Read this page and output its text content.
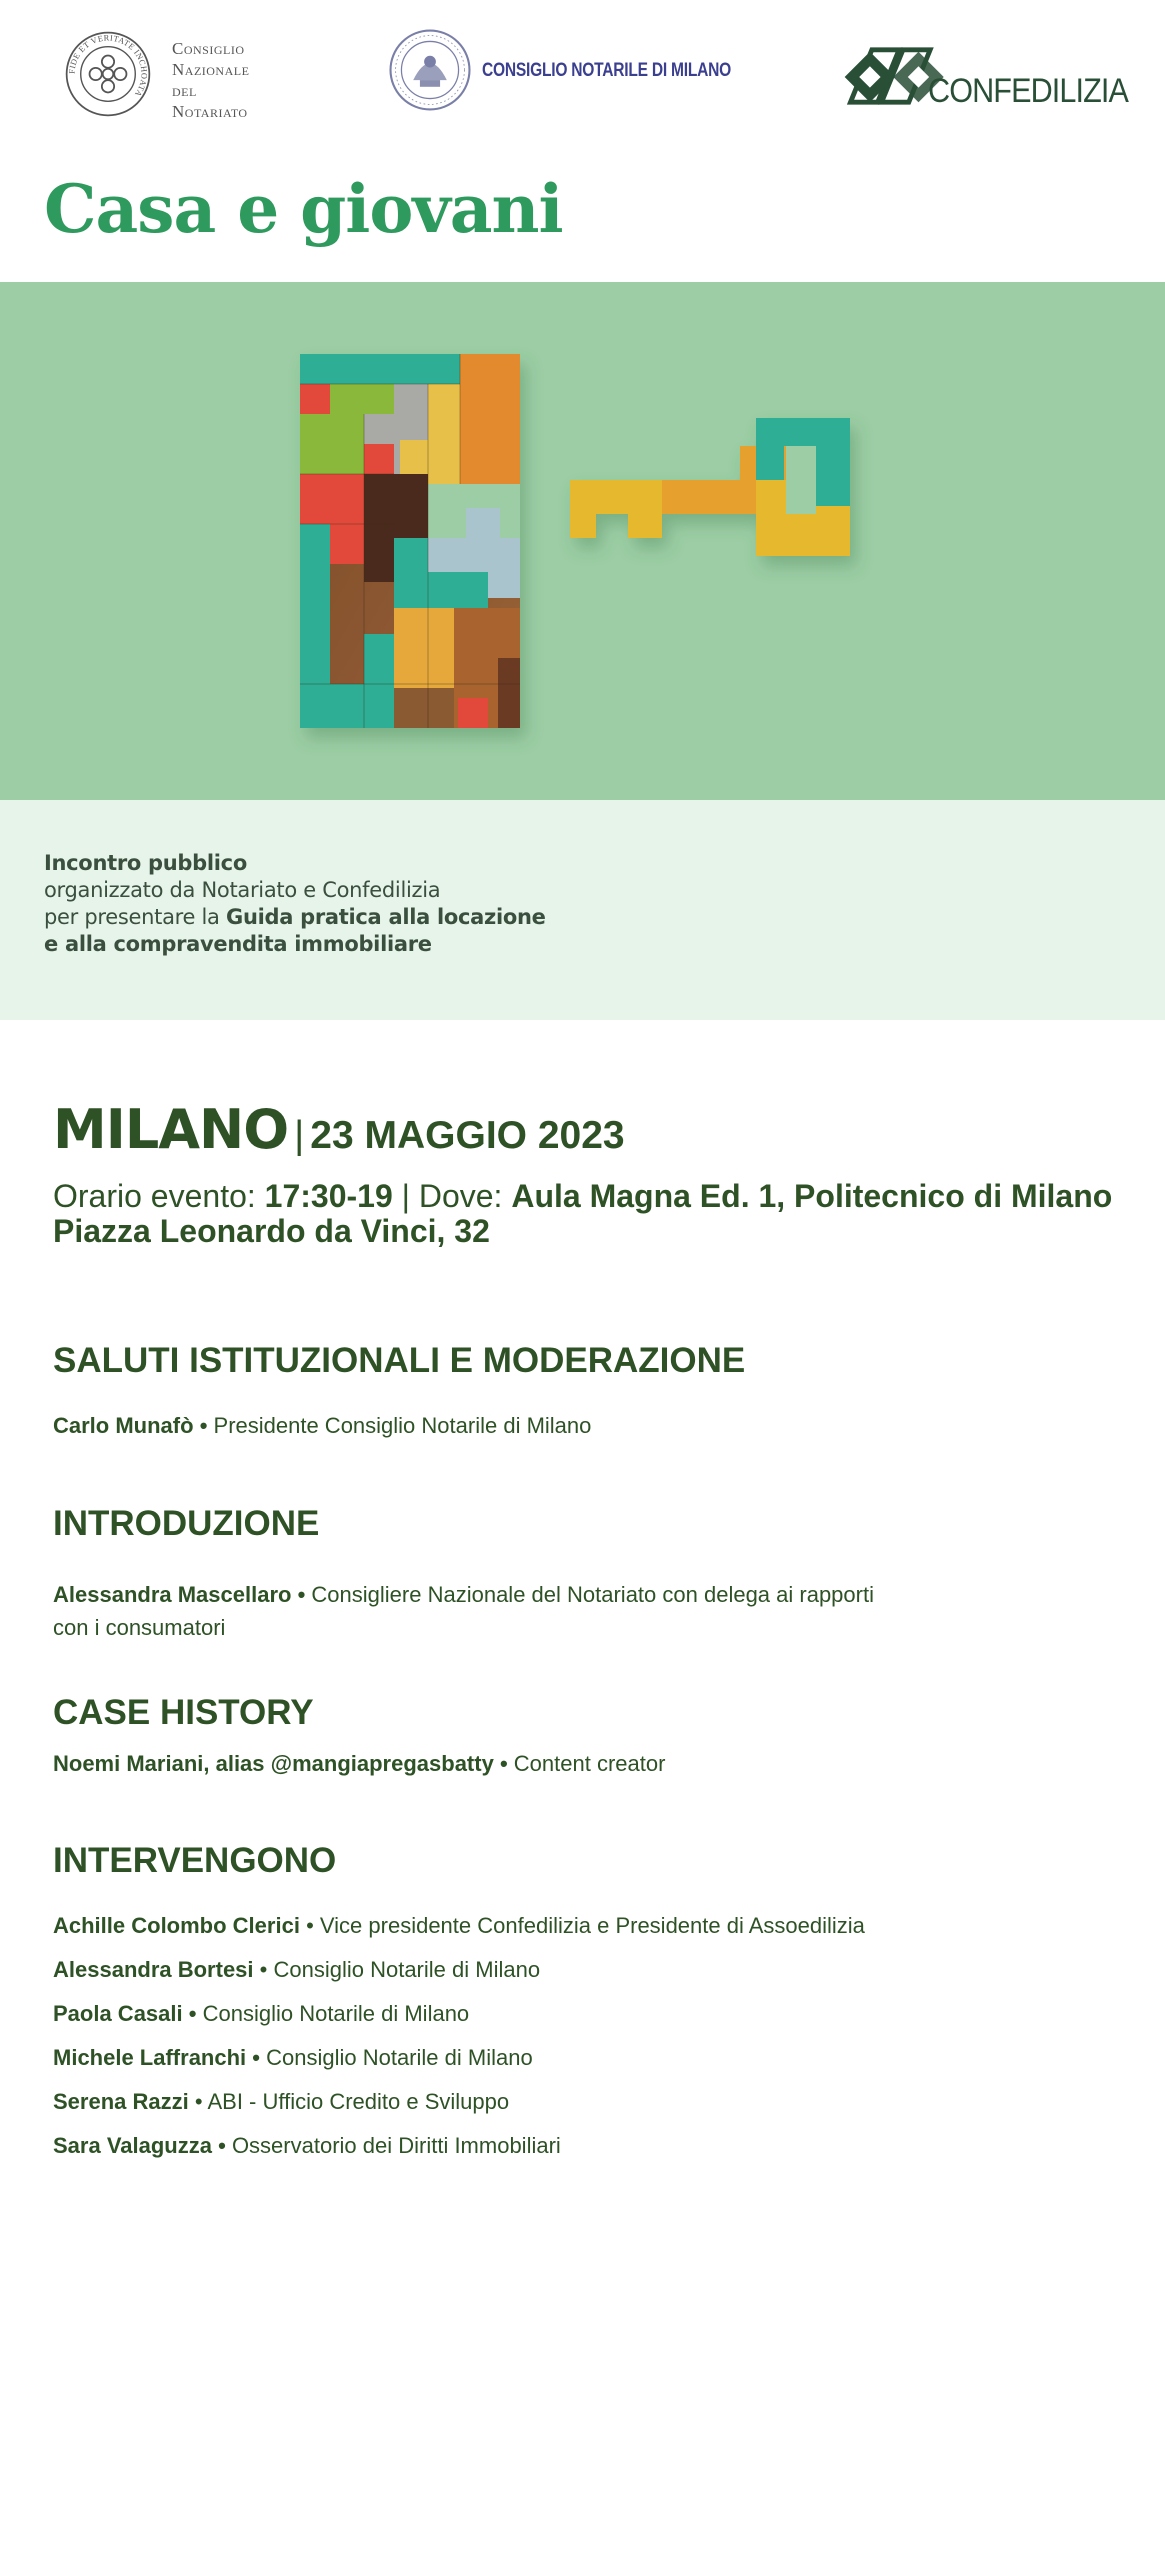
FIDE ET VERITATE INCHOATA
Consiglio
Nazionale
del
Notariato
CONSIGLIO NOTARILE DI MILANO
CONFEDILIZIA
Casa e giovani
Incontro pubblico
organizzato da Notariato e Confedilizia
per presentare la Guida pratica alla locazione
e alla compravendita immobiliare
MILANO | 23 MAGGIO 2023
Orario evento: 17:30-19 | Dove: Aula Magna Ed. 1, Politecnico di Milano
Piazza Leonardo da Vinci, 32
SALUTI ISTITUZIONALI E MODERAZIONE
Carlo Munafò • Presidente Consiglio Notarile di Milano
INTRODUZIONE
Alessandra Mascellaro • Consigliere Nazionale del Notariato con delega ai rapporti
con i consumatori
CASE HISTORY
Noemi Mariani, alias @mangiapregasbatty • Content creator
INTERVENGONO
Achille Colombo Clerici • Vice presidente Confedilizia e Presidente di Assoedilizia
Alessandra Bortesi • Consiglio Notarile di Milano
Paola Casali • Consiglio Notarile di Milano
Michele Laffranchi • Consiglio Notarile di Milano
Serena Razzi • ABI - Ufficio Credito e Sviluppo
Sara Valaguzza • Osservatorio dei Diritti Immobiliari
